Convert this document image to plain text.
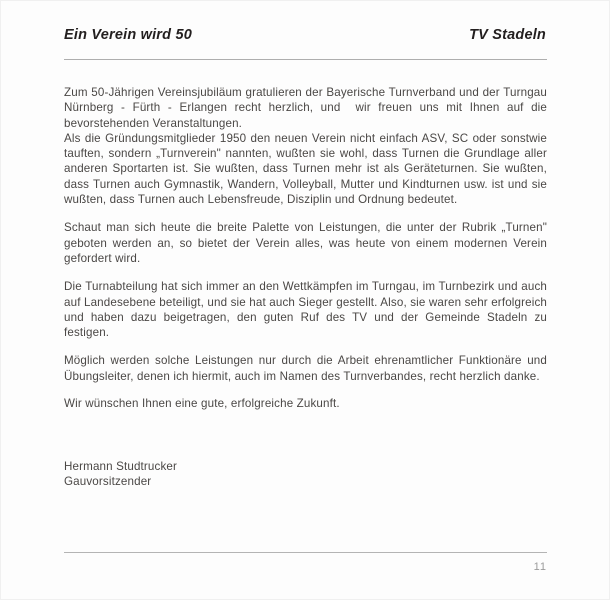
Ein Verein wird 50	TV Stadeln

Zum 50-Jährigen Vereinsjubiläum gratulieren der Bayerische Turnverband und der Turngau Nürnberg - Fürth - Erlangen recht herzlich, und  wir freuen uns mit Ihnen auf die bevorstehenden Veranstaltungen.

Als die Gründungsmitglieder 1950 den neuen Verein nicht einfach ASV, SC oder sonstwie tauften, sondern „Turnverein" nannten, wußten sie wohl, dass Turnen die Grundlage aller anderen Sportarten ist. Sie wußten, dass Turnen mehr ist als Geräteturnen. Sie wußten, dass Turnen auch Gymnastik, Wandern, Volleyball, Mutter und Kindturnen usw. ist und sie wußten, dass Turnen auch Lebensfreude, Disziplin und Ordnung bedeutet.

Schaut man sich heute die breite Palette von Leistungen, die unter der Rubrik „Turnen" geboten werden an, so bietet der Verein alles, was heute von einem modernen Verein gefordert wird.

Die Turnabteilung hat sich immer an den Wettkämpfen im Turngau, im Turnbezirk und auch auf Landesebene beteiligt, und sie hat auch Sieger gestellt. Also, sie waren sehr erfolgreich und haben dazu beigetragen, den guten Ruf des TV und der Gemeinde Stadeln zu festigen.

Möglich werden solche Leistungen nur durch die Arbeit ehrenamtlicher Funktionäre und Übungsleiter, denen ich hiermit, auch im Namen des Turnverbandes, recht herzlich danke.

Wir wünschen Ihnen eine gute, erfolgreiche Zukunft.

Hermann Studtrucker

Gauvorsitzender

11
